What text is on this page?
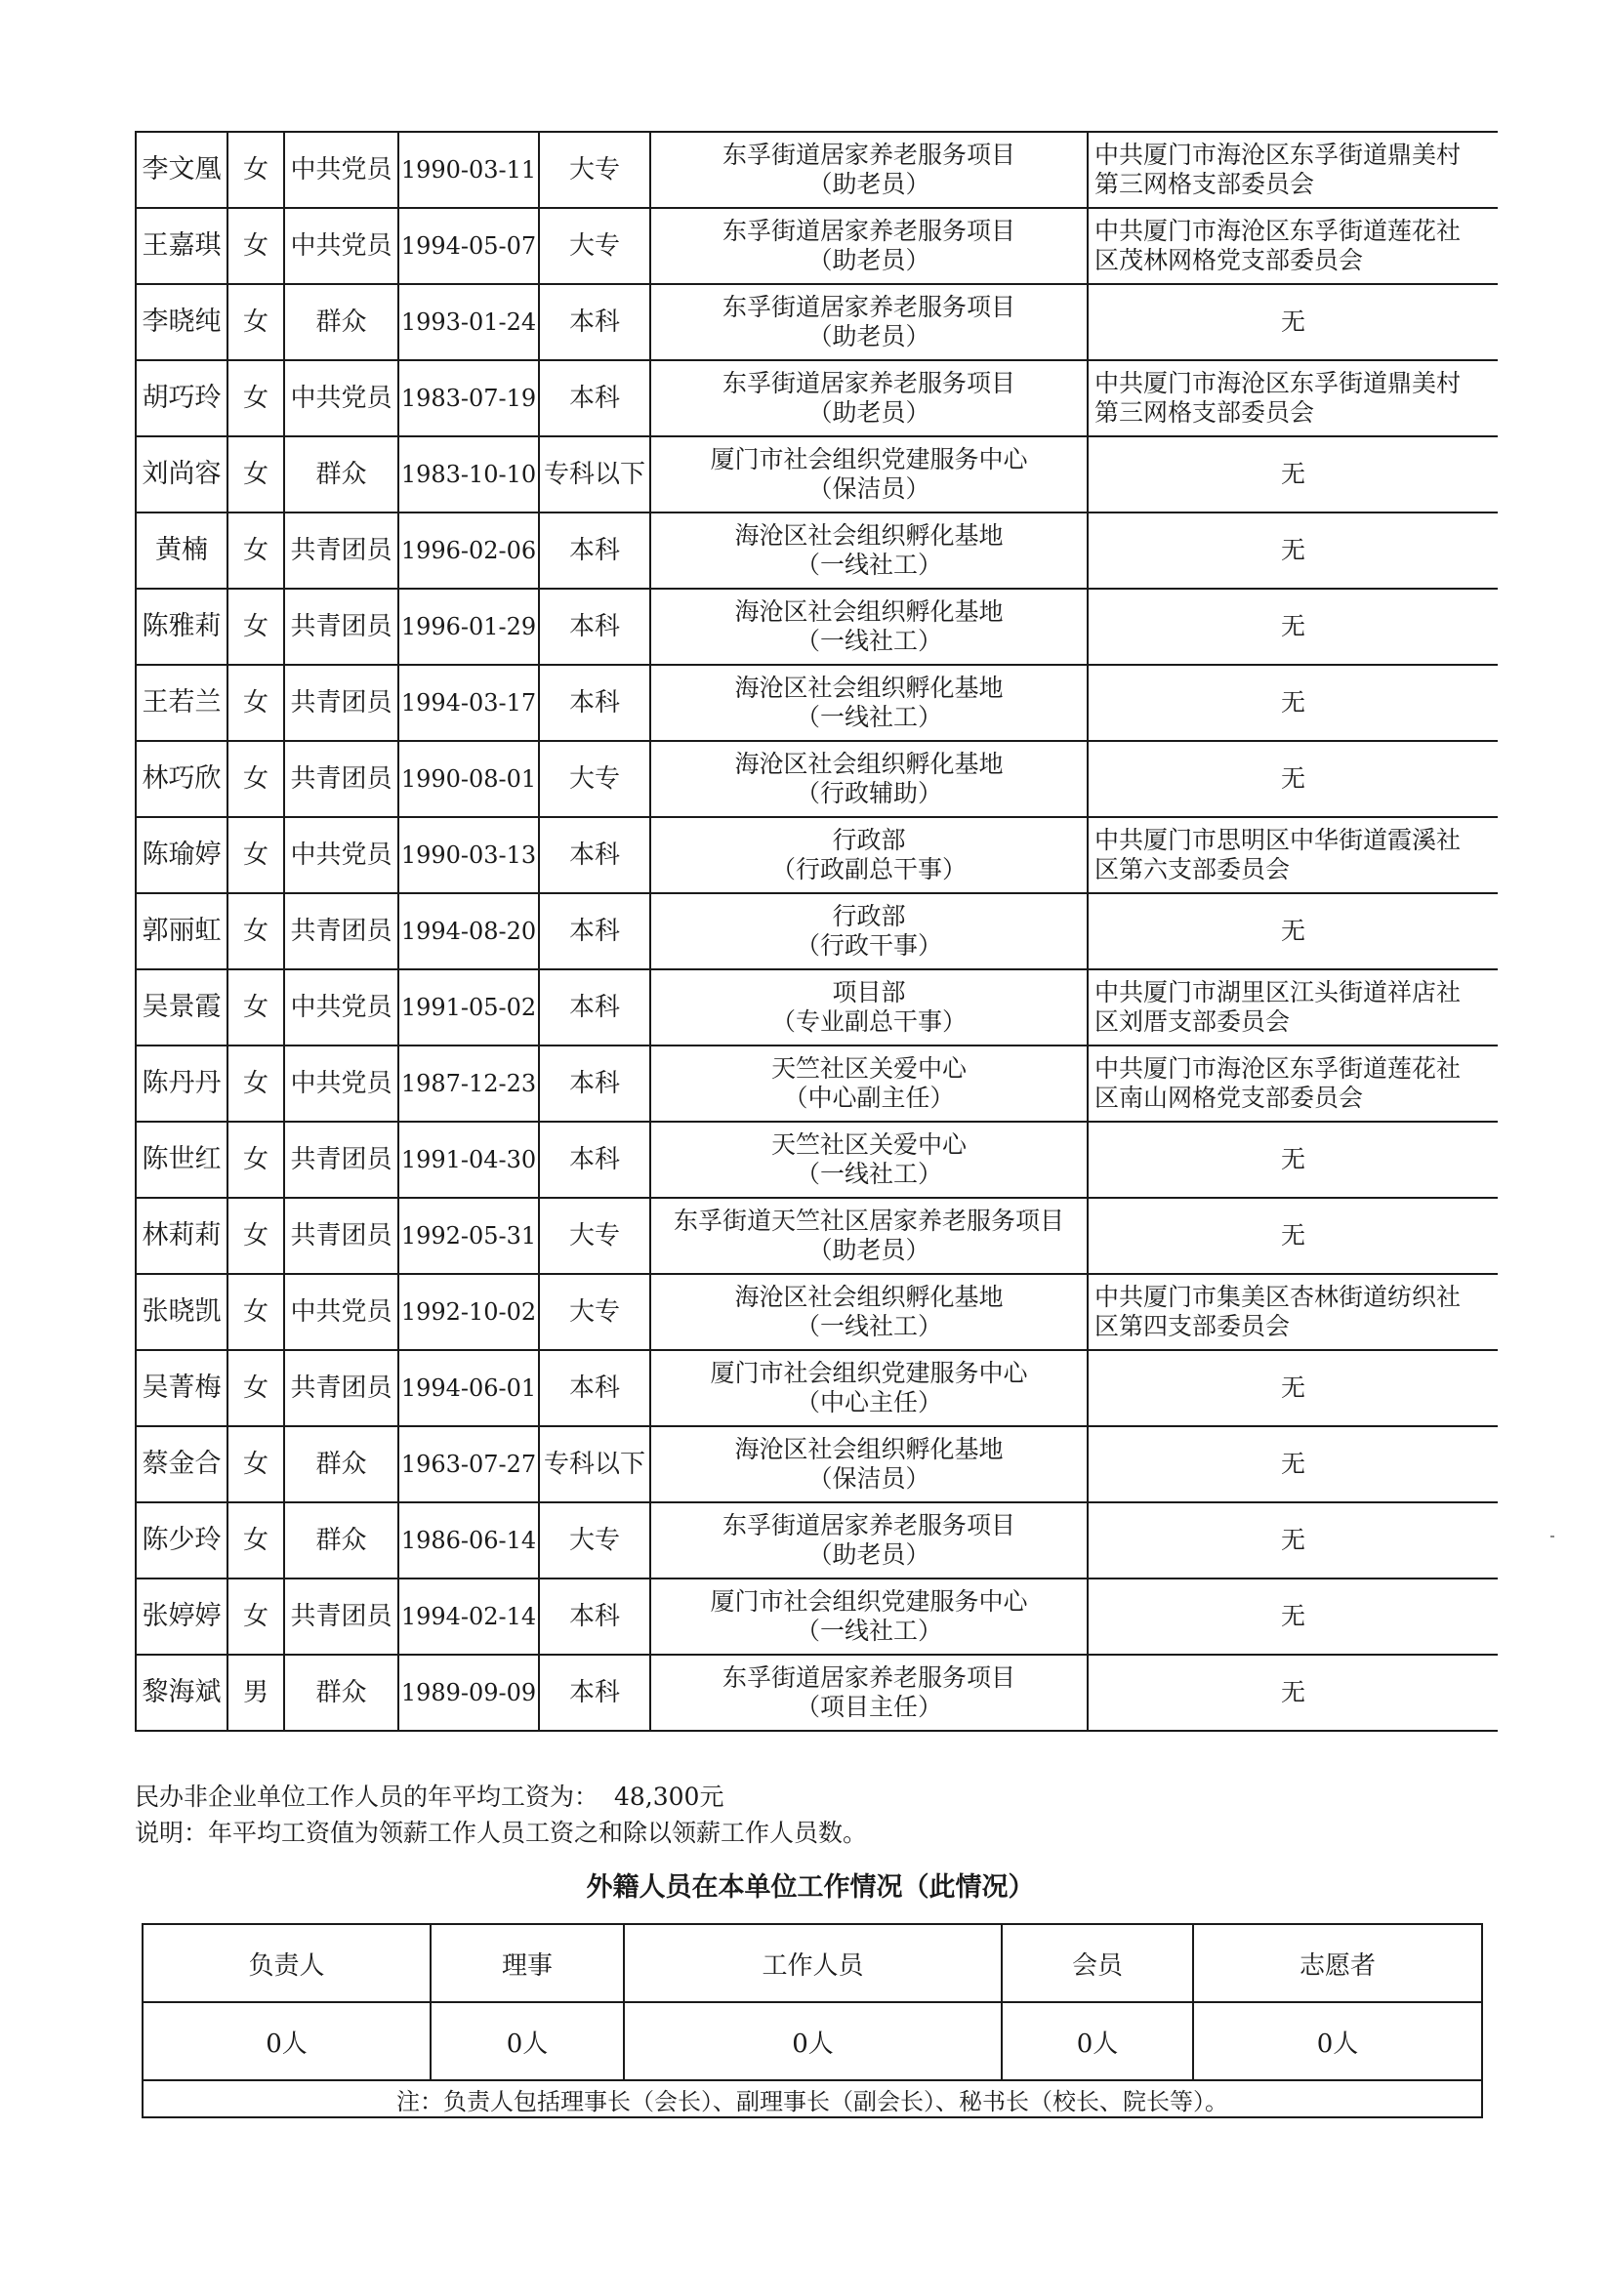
李文凰	女	中共党员	1990-03-11	大专	东孚街道居家养老服务项目
（助老员）	中共厦门市海沧区东孚街道鼎美村
第三网格支部委员会

王嘉琪	女	中共党员	1994-05-07	大专	东孚街道居家养老服务项目
（助老员）	中共厦门市海沧区东孚街道莲花社
区茂林网格党支部委员会

李晓纯	女	群众	1993-01-24	本科	东孚街道居家养老服务项目
（助老员）	无

胡巧玲	女	中共党员	1983-07-19	本科	东孚街道居家养老服务项目
（助老员）	中共厦门市海沧区东孚街道鼎美村
第三网格支部委员会

刘尚容	女	群众	1983-10-10	专科以下	厦门市社会组织党建服务中心
（保洁员）	无

黄楠	女	共青团员	1996-02-06	本科	海沧区社会组织孵化基地
（一线社工）	无

陈雅莉	女	共青团员	1996-01-29	本科	海沧区社会组织孵化基地
（一线社工）	无

王若兰	女	共青团员	1994-03-17	本科	海沧区社会组织孵化基地
（一线社工）	无

林巧欣	女	共青团员	1990-08-01	大专	海沧区社会组织孵化基地
（行政辅助）	无

陈瑜婷	女	中共党员	1990-03-13	本科	行政部
（行政副总干事）	中共厦门市思明区中华街道霞溪社
区第六支部委员会

郭丽虹	女	共青团员	1994-08-20	本科	行政部
（行政干事）	无

吴景霞	女	中共党员	1991-05-02	本科	项目部
（专业副总干事）	中共厦门市湖里区江头街道祥店社
区刘厝支部委员会

陈丹丹	女	中共党员	1987-12-23	本科	天竺社区关爱中心
（中心副主任）	中共厦门市海沧区东孚街道莲花社
区南山网格党支部委员会

陈世红	女	共青团员	1991-04-30	本科	天竺社区关爱中心
（一线社工）	无

林莉莉	女	共青团员	1992-05-31	大专	东孚街道天竺社区居家养老服务项目
（助老员）	无

张晓凯	女	中共党员	1992-10-02	大专	海沧区社会组织孵化基地
（一线社工）	中共厦门市集美区杏林街道纺织社
区第四支部委员会

吴菁梅	女	共青团员	1994-06-01	本科	厦门市社会组织党建服务中心
（中心主任）	无

蔡金合	女	群众	1963-07-27	专科以下	海沧区社会组织孵化基地
（保洁员）	无

陈少玲	女	群众	1986-06-14	大专	东孚街道居家养老服务项目
（助老员）	无

张婷婷	女	共青团员	1994-02-14	本科	厦门市社会组织党建服务中心
（一线社工）	无

黎海斌	男	群众	1989-09-09	本科	东孚街道居家养老服务项目
（项目主任）	无
民办非企业单位工作人员的年平均工资为： 48,300元
说明：年平均工资值为领薪工作人员工资之和除以领薪工作人员数。
外籍人员在本单位工作情况（此情况）
负责人	理事	工作人员	会员	志愿者
0人	0人	0人	0人	0人
注：负责人包括理事长（会长）、副理事长（副会长）、秘书长（校长、院长等）。				
